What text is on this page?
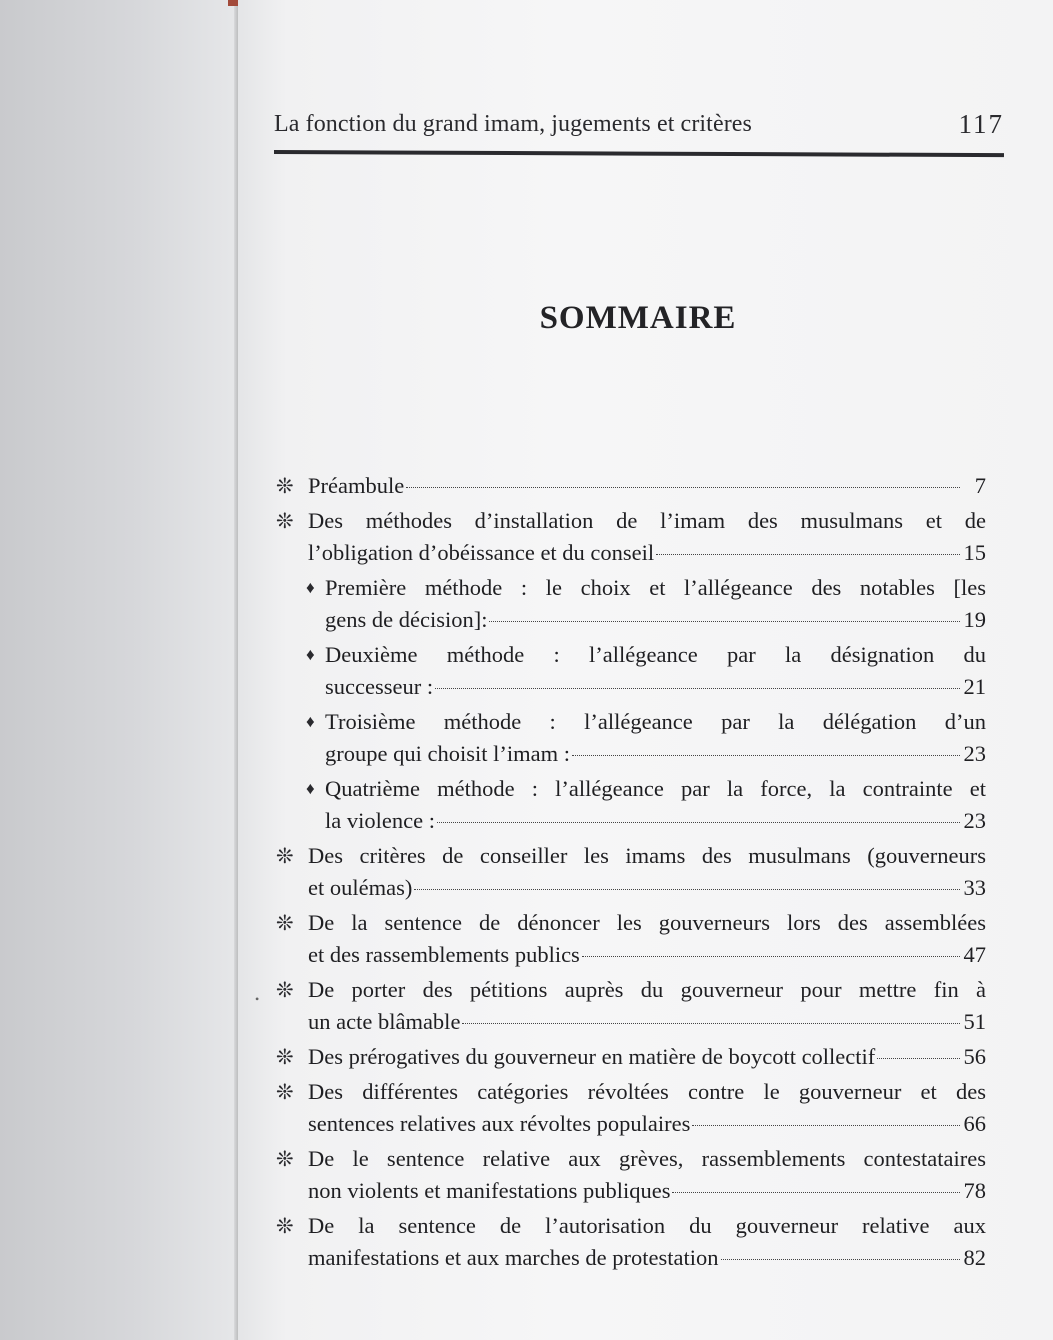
La fonction du grand imam, jugements et critères	117
SOMMAIRE
❊ Préambule	7
❊ Des méthodes d’installation de l’imam des musulmans et de
l’obligation d’obéissance et du conseil	15
♦ Première méthode : le choix et l’allégeance des notables [les
gens de décision]:	19
♦ Deuxième méthode : l’allégeance par la désignation du
successeur :	21
♦ Troisième méthode : l’allégeance par la délégation d’un
groupe qui choisit l’imam :	23
♦ Quatrième méthode : l’allégeance par la force, la contrainte et
la violence :	23
❊ Des critères de conseiller les imams des musulmans (gouverneurs
et oulémas)	33
❊ De la sentence de dénoncer les gouverneurs lors des assemblées
et des rassemblements publics	47
❊ De porter des pétitions auprès du gouverneur pour mettre fin à
un acte blâmable	51
❊ Des prérogatives du gouverneur en matière de boycott collectif	56
❊ Des différentes catégories révoltées contre le gouverneur et des
sentences relatives aux révoltes populaires	66
❊ De le sentence relative aux grèves, rassemblements contestataires
non violents et manifestations publiques	78
❊ De la sentence de l’autorisation du gouverneur relative aux
manifestations et aux marches de protestation	82
•
